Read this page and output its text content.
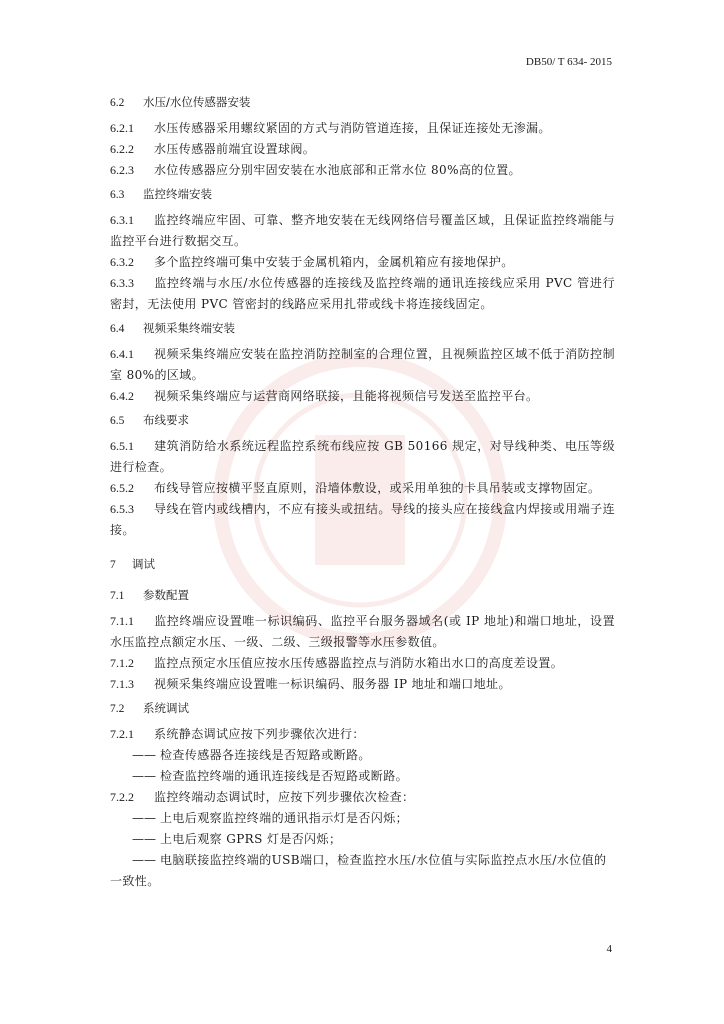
DB50/ T 634- 2015

6.2 水压/水位传感器安装

6.2.1 水压传感器采用螺纹紧固的方式与消防管道连接，且保证连接处无渗漏。

6.2.2 水压传感器前端宜设置球阀。

6.2.3 水位传感器应分别牢固安装在水池底部和正常水位 80%高的位置。

6.3 监控终端安装

6.3.1 监控终端应牢固、可靠、整齐地安装在无线网络信号覆盖区域，且保证监控终端能与监控平台进行数据交互。

6.3.2 多个监控终端可集中安装于金属机箱内，金属机箱应有接地保护。

6.3.3 监控终端与水压/水位传感器的连接线及监控终端的通讯连接线应采用 PVC 管进行密封，无法使用 PVC 管密封的线路应采用扎带或线卡将连接线固定。

6.4 视频采集终端安装

6.4.1 视频采集终端应安装在监控消防控制室的合理位置，且视频监控区域不低于消防控制室 80%的区域。

6.4.2 视频采集终端应与运营商网络联接，且能将视频信号发送至监控平台。

6.5 布线要求

6.5.1 建筑消防给水系统远程监控系统布线应按 GB 50166 规定，对导线种类、电压等级进行检查。

6.5.2 布线导管应按横平竖直原则，沿墙体敷设，或采用单独的卡具吊装或支撑物固定。

6.5.3 导线在管内或线槽内，不应有接头或扭结。导线的接头应在接线盒内焊接或用端子连接。

7 调试

7.1 参数配置

7.1.1 监控终端应设置唯一标识编码、监控平台服务器域名(或 IP 地址)和端口地址，设置水压监控点额定水压、一级、二级、三级报警等水压参数值。

7.1.2 监控点预定水压值应按水压传感器监控点与消防水箱出水口的高度差设置。

7.1.3 视频采集终端应设置唯一标识编码、服务器 IP 地址和端口地址。

7.2 系统调试

7.2.1 系统静态调试应按下列步骤依次进行：

—— 检查传感器各连接线是否短路或断路。

—— 检查监控终端的通讯连接线是否短路或断路。

7.2.2 监控终端动态调试时，应按下列步骤依次检查：

—— 上电后观察监控终端的通讯指示灯是否闪烁；

—— 上电后观察 GPRS 灯是否闪烁；

—— 电脑联接监控终端的USB端口，检查监控水压/水位值与实际监控点水压/水位值的一致性。

4
